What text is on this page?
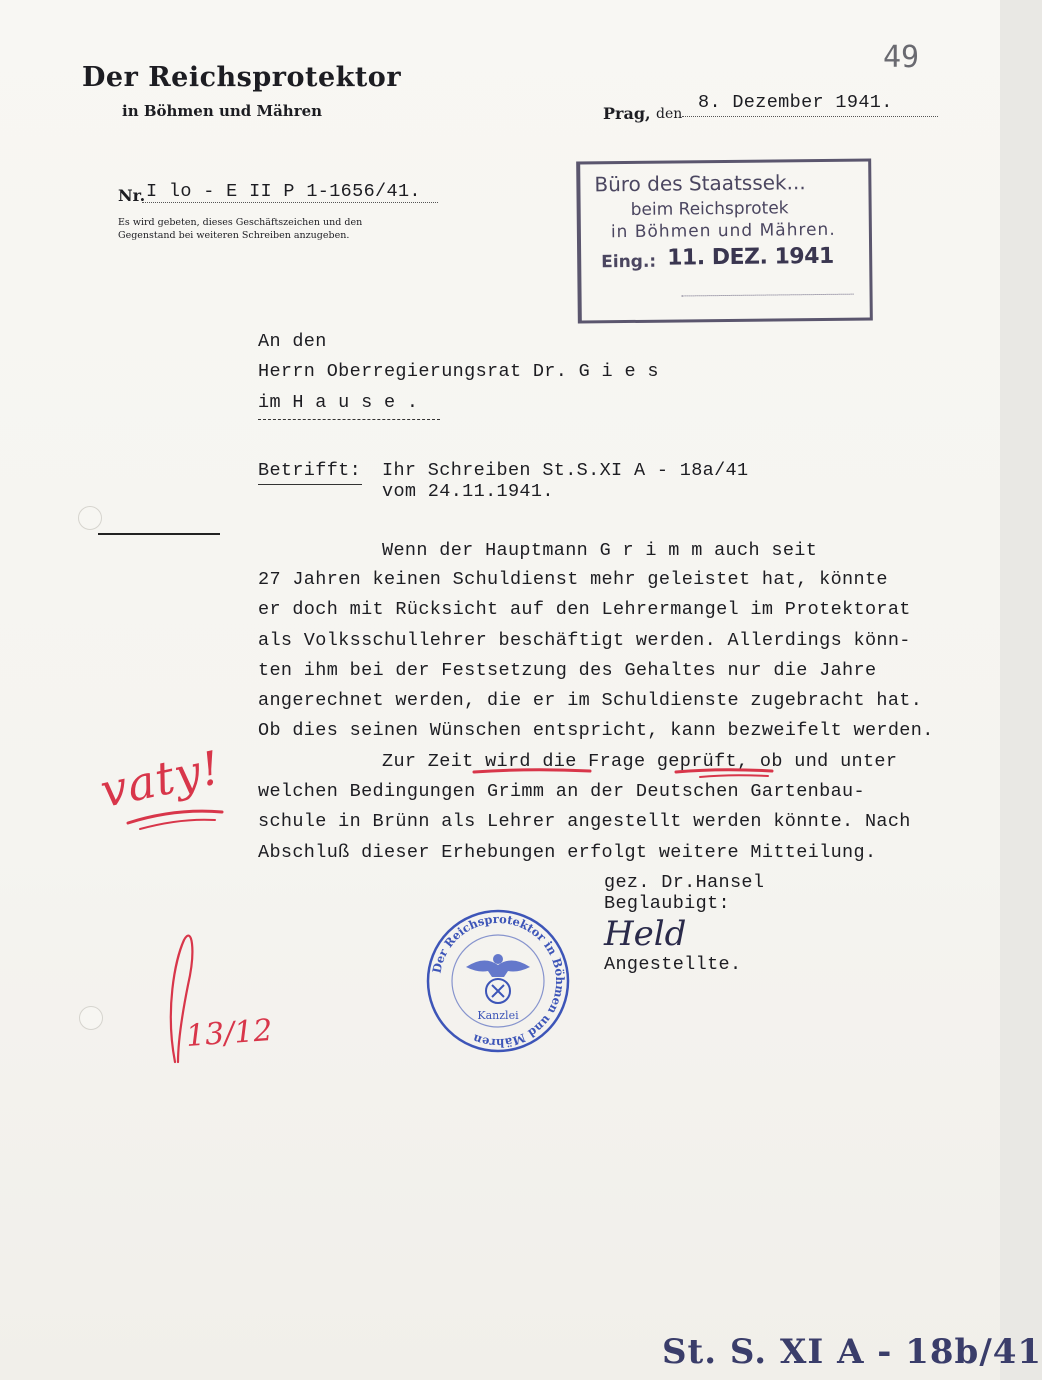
49
Der Reichsprotektor
in Böhmen und Mähren	Prag, den
8. Dezember 1941.
Nr. I lo - E II P 1-1656/41.
Es wird gebeten, dieses Geschäftszeichen und den
Gegenstand bei weiteren Schreiben anzugeben.
Büro des Staatssek...
beim Reichsprotek
in Böhmen und Mähren.
Eing.: 11. DEZ. 1941
An den
Herrn Oberregierungsrat Dr. G i e s
im H a u s e .
Betrifft: Ihr Schreiben St.S.XI A - 18a/41
vom 24.11.1941.
Wenn der Hauptmann G r i m m auch seit
27 Jahren keinen Schuldienst mehr geleistet hat, könnte
er doch mit Rücksicht auf den Lehrermangel im Protektorat
als Volksschullehrer beschäftigt werden. Allerdings könn-
ten ihm bei der Festsetzung des Gehaltes nur die Jahre
angerechnet werden, die er im Schuldienste zugebracht hat.
Ob dies seinen Wünschen entspricht, kann bezweifelt werden.
Zur Zeit wird die Frage geprüft, ob und unter
welchen Bedingungen Grimm an der Deutschen Gartenbau-
schule in Brünn als Lehrer angestellt werden könnte. Nach
Abschluß dieser Erhebungen erfolgt weitere Mitteilung.
gez. Dr.Hansel
Beglaubigt:
Held
Angestellte.
vaty!
13/12
Der Reichsprotektor in Böhmen und Mähren
Kanzlei
St. S. XI A - 18b/41
